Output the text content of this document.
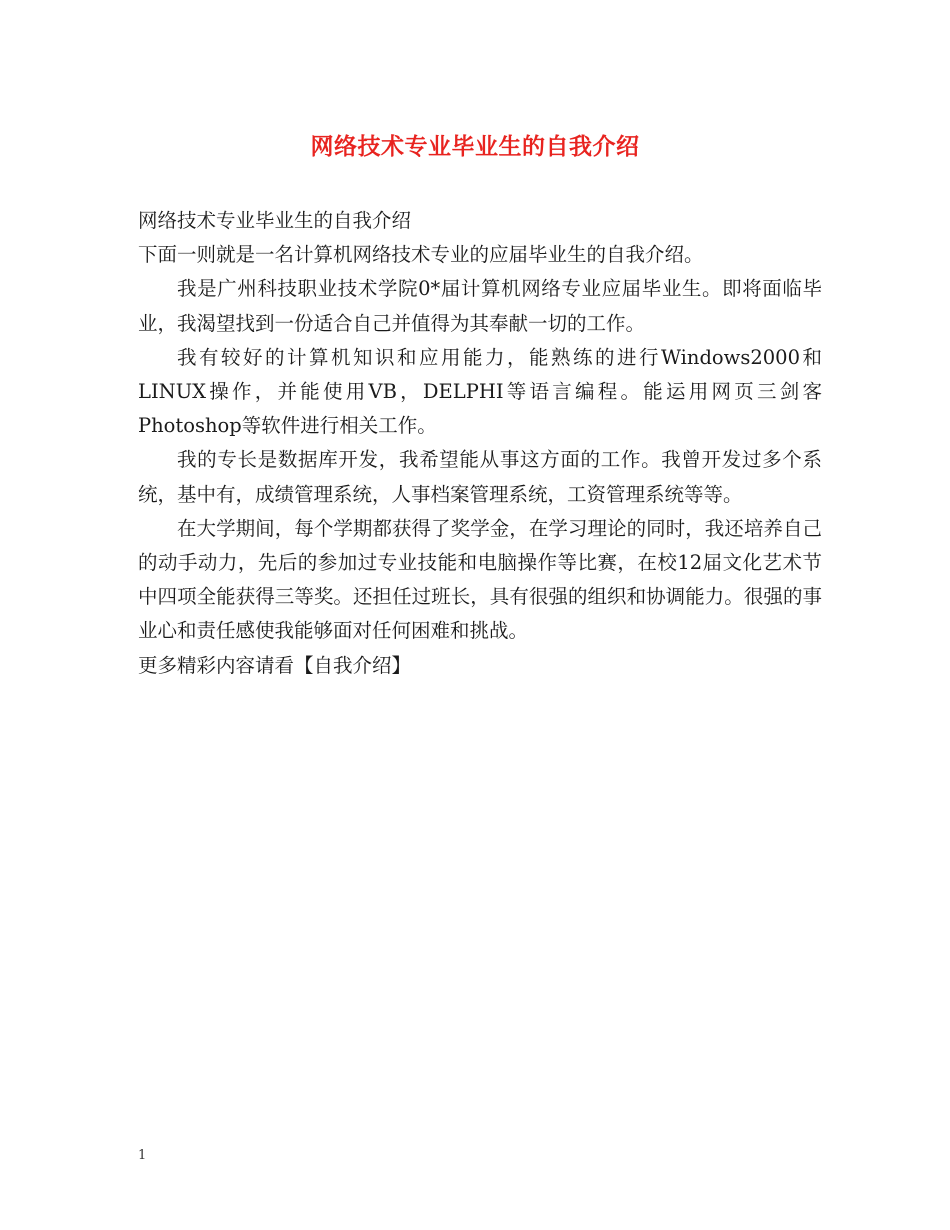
网络技术专业毕业生的自我介绍

网络技术专业毕业生的自我介绍

下面一则就是一名计算机网络技术专业的应届毕业生的自我介绍。

我是广州科技职业技术学院0*届计算机网络专业应届毕业生。即将面临毕业，我渴望找到一份适合自己并值得为其奉献一切的工作。

我有较好的计算机知识和应用能力，能熟练的进行Windows2000和LINUX操作，并能使用VB，DELPHI等语言编程。能运用网页三剑客Photoshop等软件进行相关工作。

我的专长是数据库开发，我希望能从事这方面的工作。我曾开发过多个系统，基中有，成绩管理系统，人事档案管理系统，工资管理系统等等。

在大学期间，每个学期都获得了奖学金，在学习理论的同时，我还培养自己的动手动力，先后的参加过专业技能和电脑操作等比赛，在校12届文化艺术节中四项全能获得三等奖。还担任过班长，具有很强的组织和协调能力。很强的事业心和责任感使我能够面对任何困难和挑战。

更多精彩内容请看【自我介绍】

1
